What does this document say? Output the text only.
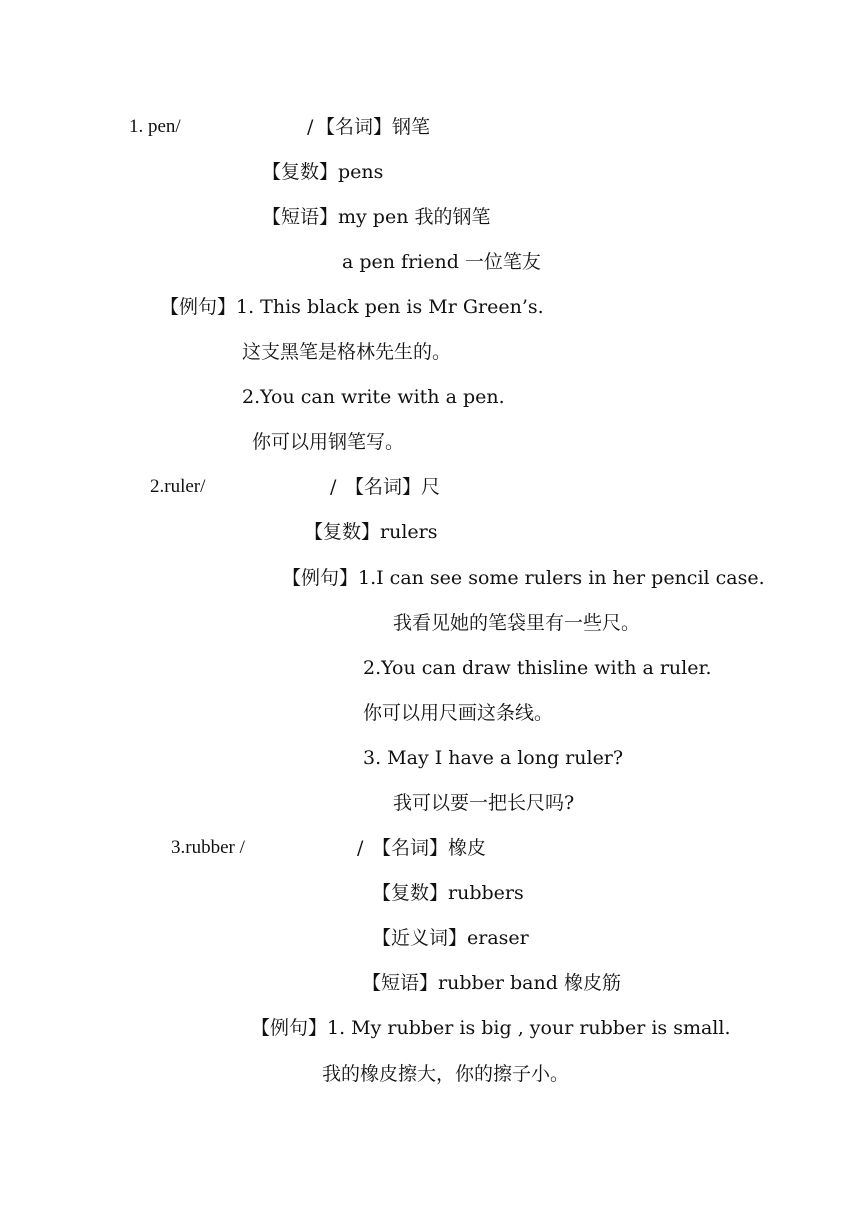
1. pen/	/ 【名词】钢笔
【复数】pens
【短语】my pen 我的钢笔
a pen friend 一位笔友
【例句】1. This black pen is Mr Green’s.
这支黑笔是格林先生的。
2.You can write with a pen.
你可以用钢笔写。
2.ruler/	/ 【名词】尺
【复数】rulers
【例句】1.I can see some rulers in her pencil case.
我看见她的笔袋里有一些尺。
2.You can draw thisline with a ruler.
你可以用尺画这条线。
3. May I have a long ruler?
我可以要一把长尺吗?
3.rubber /	/ 【名词】橡皮
【复数】rubbers
【近义词】eraser
【短语】rubber band 橡皮筋
【例句】1. My rubber is big , your rubber is small.
我的橡皮擦大，你的擦子小。
